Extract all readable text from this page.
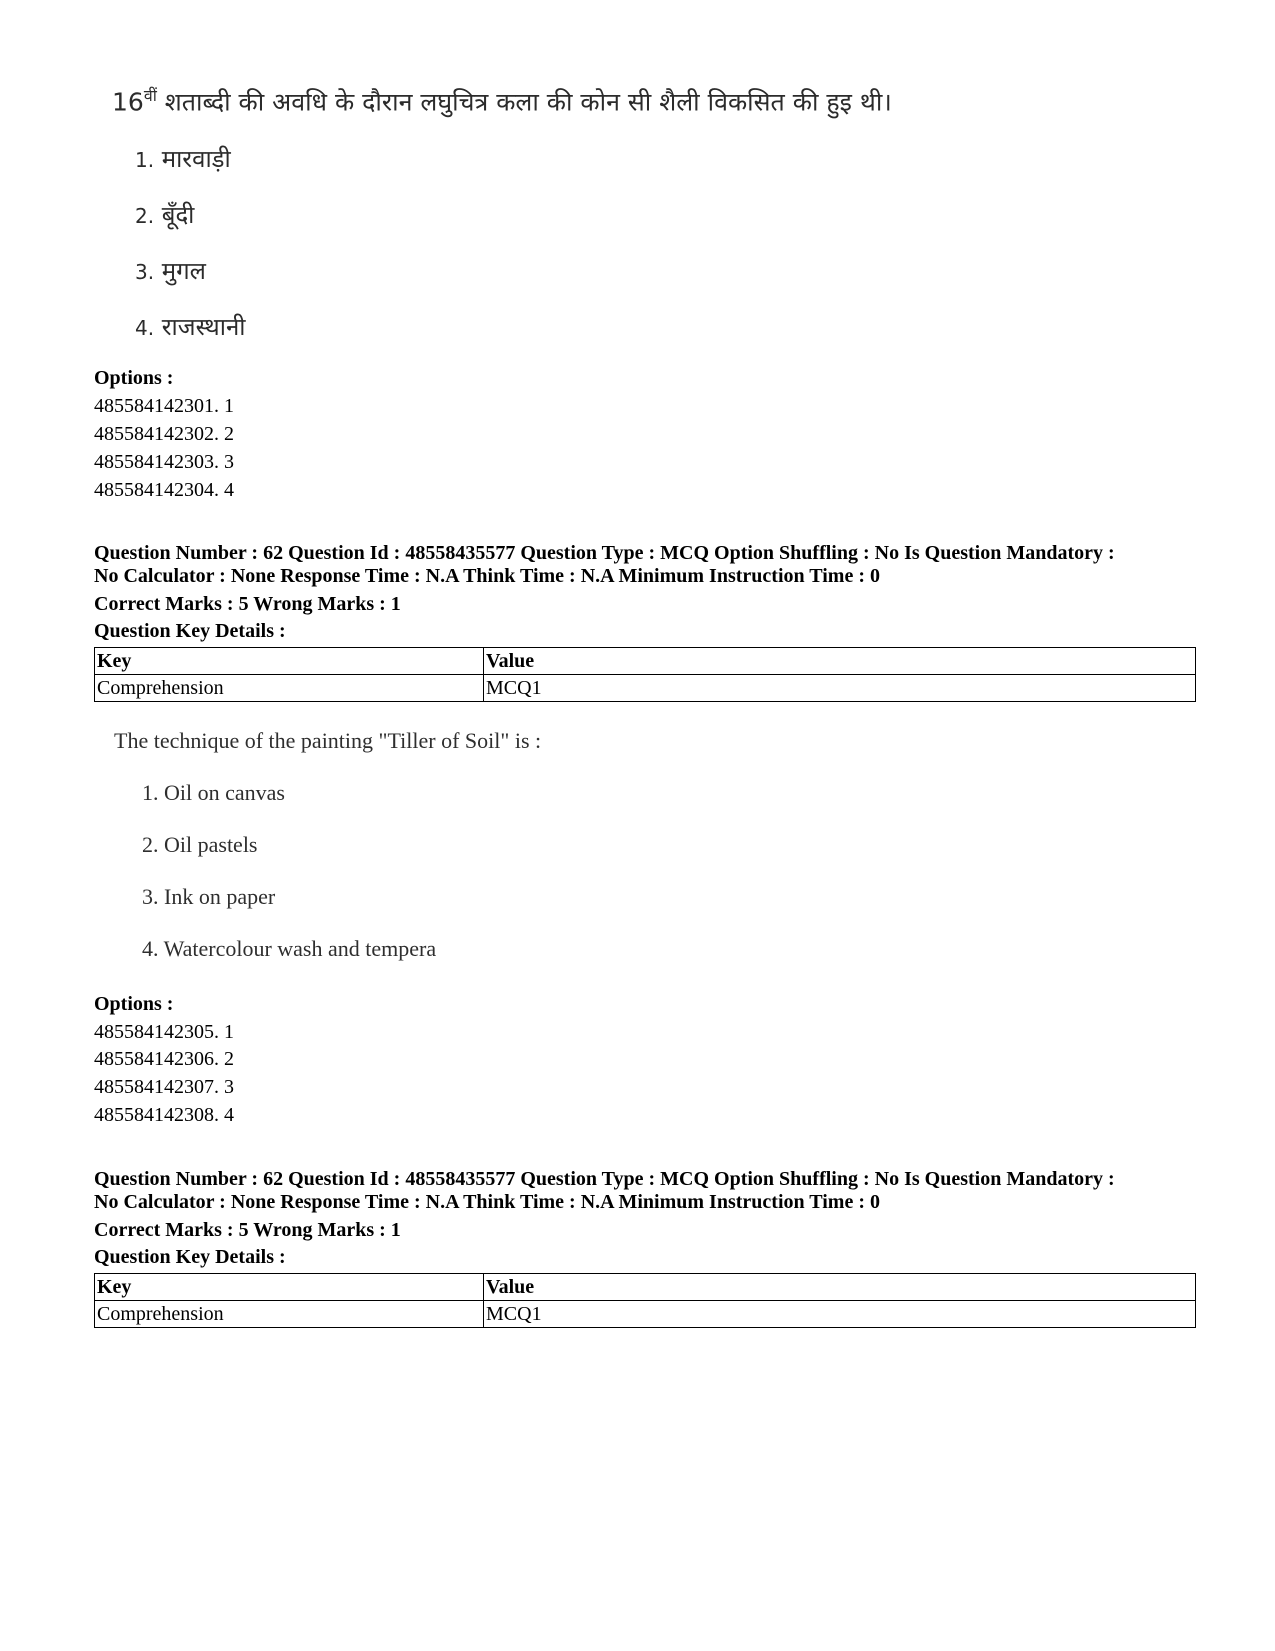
$16^{वीं}$ शताब्दी की अवधि के दौरान लघुचित्र कला की कोन सी शैली विकसित की हुइ थी।
1. मारवाड़ी
2. बूँदी
3. मुगल
4. राजस्थानी
Options :
485584142301. 1
485584142302. 2
485584142303. 3
485584142304. 4
Question Number : 62 Question Id : 48558435577 Question Type : MCQ Option Shuffling : No Is Question Mandatory :
No Calculator : None Response Time : N.A Think Time : N.A Minimum Instruction Time : 0
Correct Marks : 5 Wrong Marks : 1
Question Key Details :
Key	Value
Comprehension	MCQ1
The technique of the painting "Tiller of Soil" is :
1. Oil on canvas
2. Oil pastels
3. Ink on paper
4. Watercolour wash and tempera
Options :
485584142305. 1
485584142306. 2
485584142307. 3
485584142308. 4
Question Number : 62 Question Id : 48558435577 Question Type : MCQ Option Shuffling : No Is Question Mandatory :
No Calculator : None Response Time : N.A Think Time : N.A Minimum Instruction Time : 0
Correct Marks : 5 Wrong Marks : 1
Question Key Details :
Key	Value
Comprehension	MCQ1
